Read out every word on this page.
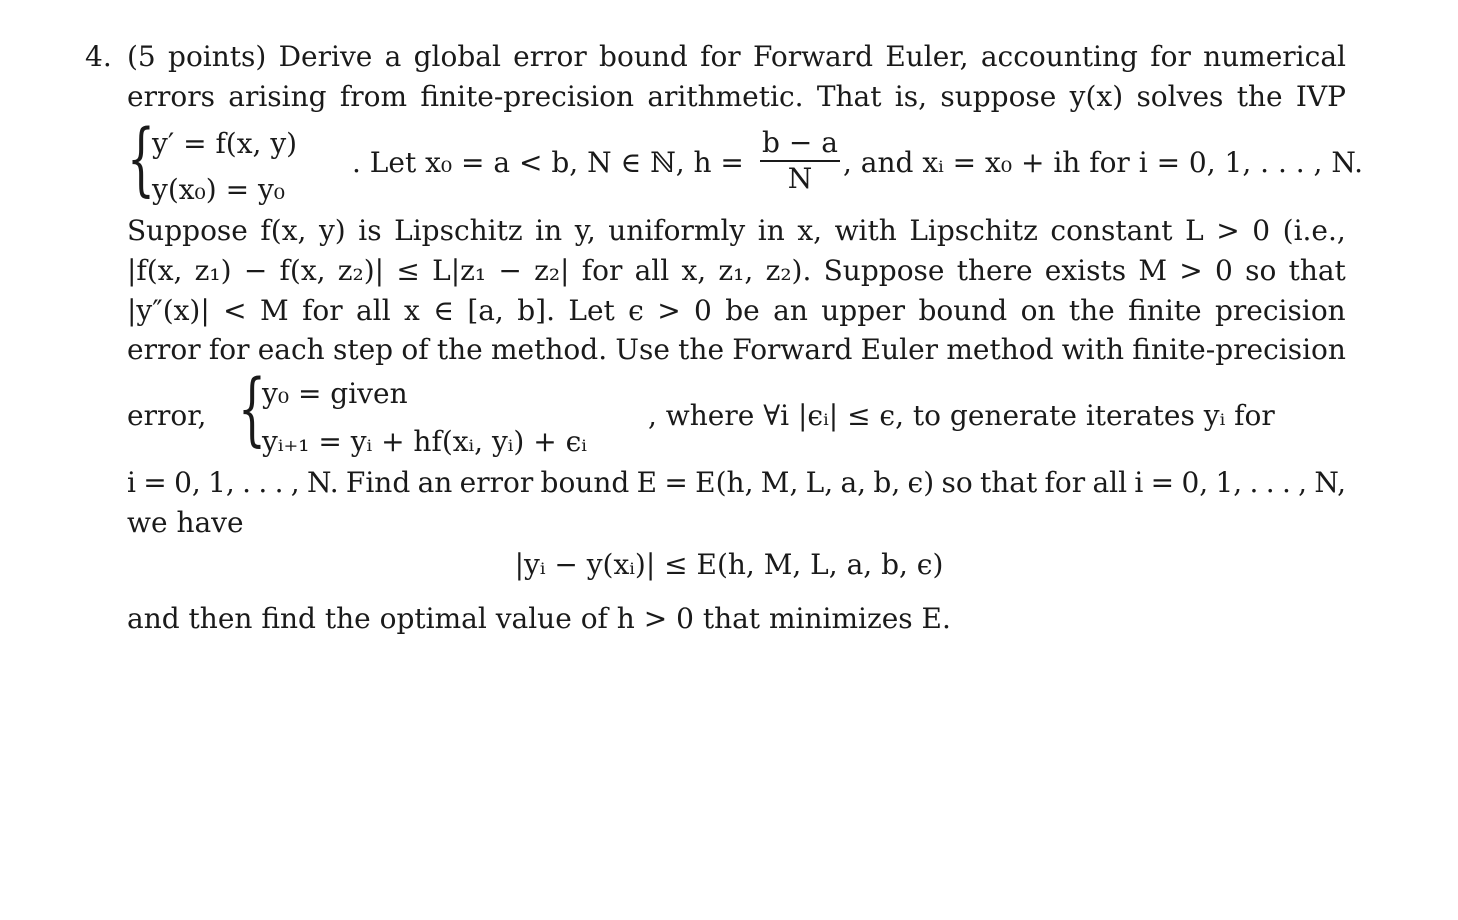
4. (5 points) Derive a global error bound for Forward Euler, accounting for numerical
errors arising from finite-precision arithmetic. That is, suppose y(x) solves the IVP
{
y′ = f(x, y)
y(x₀) = y₀
. Let x₀ = a < b, N ∈ ℕ, h =
b − a
N	, and xᵢ = x₀ + ih for i = 0, 1, . . . , N.
Suppose f(x, y) is Lipschitz in y, uniformly in x, with Lipschitz constant L > 0 (i.e.,
|f(x, z₁) − f(x, z₂)| ≤ L|z₁ − z₂| for all x, z₁, z₂). Suppose there exists M > 0 so that
|y″(x)| < M for all x ∈ [a, b]. Let ϵ > 0 be an upper bound on the finite precision
error for each step of the method. Use the Forward Euler method with finite-precision
error, {
y₀ = given
yᵢ₊₁ = yᵢ + hf(xᵢ, yᵢ) + ϵᵢ
, where ∀i |ϵᵢ| ≤ ϵ, to generate iterates yᵢ for
i = 0, 1, . . . , N. Find an error bound E = E(h, M, L, a, b, ϵ) so that for all i = 0, 1, . . . , N,
we have
|yᵢ − y(xᵢ)| ≤ E(h, M, L, a, b, ϵ)
and then find the optimal value of h > 0 that minimizes E.
